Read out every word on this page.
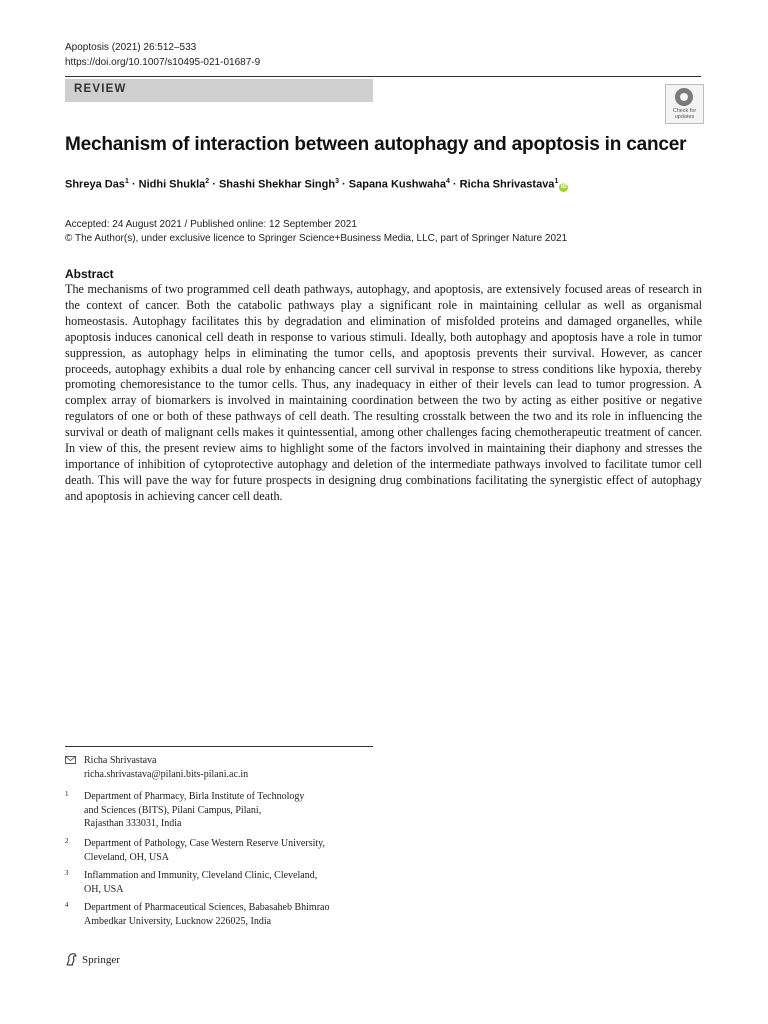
Apoptosis (2021) 26:512–533
https://doi.org/10.1007/s10495-021-01687-9
REVIEW
Check for updates
Mechanism of interaction between autophagy and apoptosis in cancer
Shreya Das$^1$ · Nidhi Shukla$^2$ · Shashi Shekhar Singh$^3$ · Sapana Kushwaha$^4$ · Richa Shrivastava$^1$iD
Accepted: 24 August 2021 / Published online: 12 September 2021
© The Author(s), under exclusive licence to Springer Science+Business Media, LLC, part of Springer Nature 2021
Abstract
The mechanisms of two programmed cell death pathways, autophagy, and apoptosis, are extensively focused areas of research in the context of cancer. Both the catabolic pathways play a significant role in maintaining cellular as well as organismal homeostasis. Autophagy facilitates this by degradation and elimination of misfolded proteins and damaged organelles, while apoptosis induces canonical cell death in response to various stimuli. Ideally, both autophagy and apoptosis have a role in tumor suppression, as autophagy helps in eliminating the tumor cells, and apoptosis prevents their survival. However, as cancer proceeds, autophagy exhibits a dual role by enhancing cancer cell survival in response to stress conditions like hypoxia, thereby promoting chemoresistance to the tumor cells. Thus, any inadequacy in either of their levels can lead to tumor progression. A complex array of biomarkers is involved in maintaining coordination between the two by acting as either positive or negative regulators of one or both of these pathways of cell death. The resulting crosstalk between the two and its role in influencing the survival or death of malignant cells makes it quintessential, among other challenges facing chemotherapeutic treatment of cancer. In view of this, the present review aims to highlight some of the factors involved in maintaining their diaphony and stresses the importance of inhibition of cytoprotective autophagy and deletion of the intermediate pathways involved to facilitate tumor cell death. This will pave the way for future prospects in designing drug combinations facilitating the synergistic effect of autophagy and apoptosis in achieving cancer cell death.
Richa Shrivastava
richa.shrivastava@pilani.bits-pilani.ac.in
1 Department of Pharmacy, Birla Institute of Technology
and Sciences (BITS), Pilani Campus, Pilani,
Rajasthan 333031, India
2 Department of Pathology, Case Western Reserve University,
Cleveland, OH, USA
3 Inflammation and Immunity, Cleveland Clinic, Cleveland,
OH, USA
4 Department of Pharmaceutical Sciences, Babasaheb Bhimrao
Ambedkar University, Lucknow 226025, India
Springer
